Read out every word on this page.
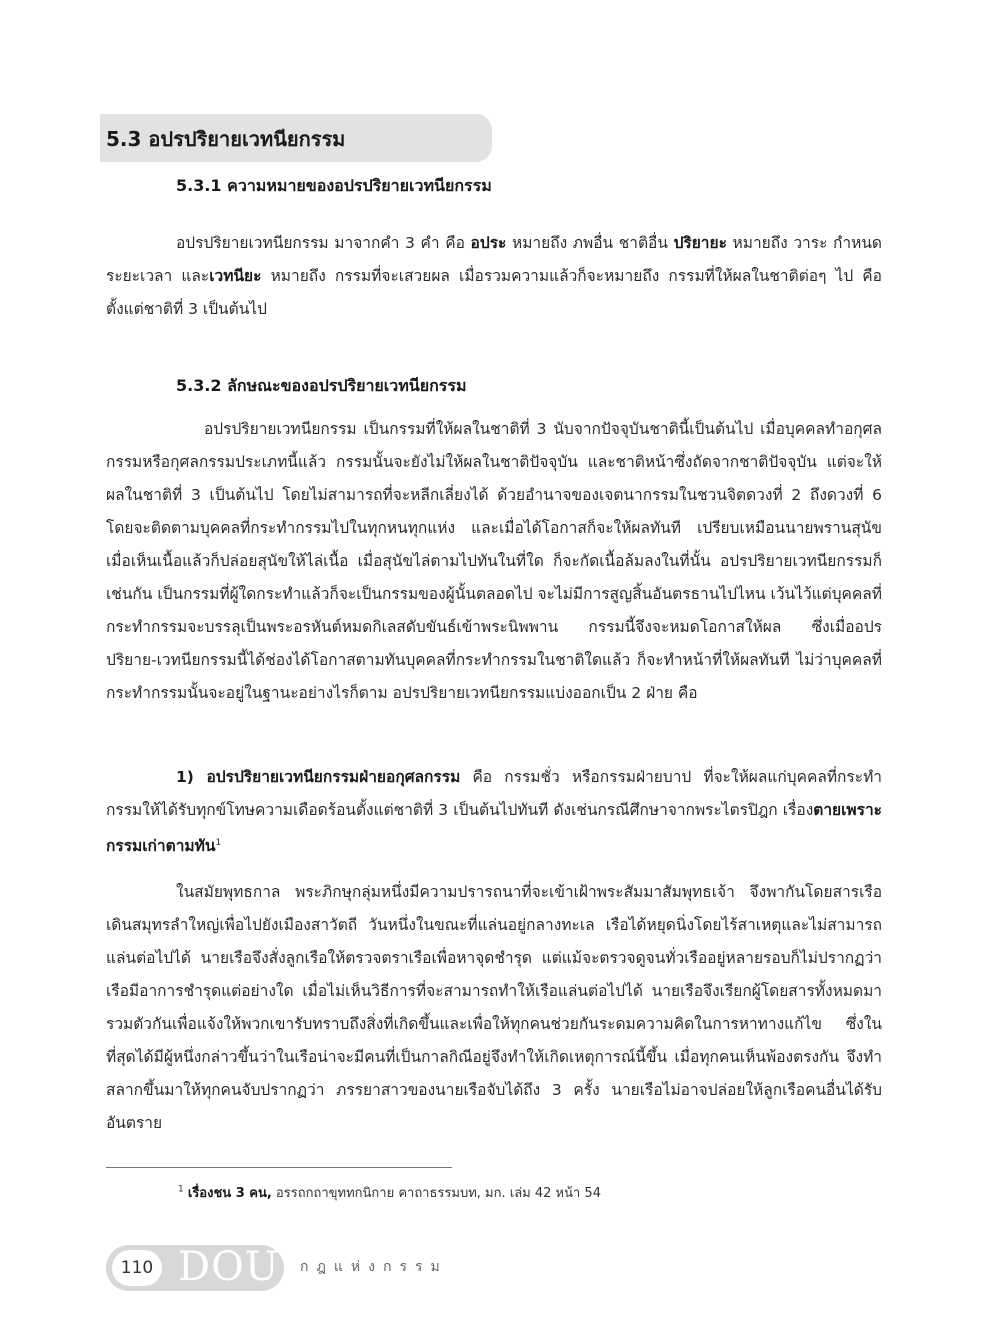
5.3 อปรปริยายเวทนียกรรม

5.3.1 ความหมายของอปรปริยายเวทนียกรรม

อปรปริยายเวทนียกรรม มาจากคำ 3 คำ คือ อประ หมายถึง ภพอื่น ชาติอื่น ปริยายะ หมายถึง วาระ กำหนดระยะเวลา และเวทนียะ หมายถึง กรรมที่จะเสวยผล เมื่อรวมความแล้วก็จะหมายถึง กรรมที่ให้ผลในชาติต่อๆ ไป คือตั้งแต่ชาติที่ 3 เป็นต้นไป

5.3.2 ลักษณะของอปรปริยายเวทนียกรรม

อปรปริยายเวทนียกรรม เป็นกรรมที่ให้ผลในชาติที่ 3 นับจากปัจจุบันชาตินี้เป็นต้นไป เมื่อบุคคลทำอกุศลกรรมหรือกุศลกรรมประเภทนี้แล้ว กรรมนั้นจะยังไม่ให้ผลในชาติปัจจุบัน และชาติหน้าซึ่งถัดจากชาติปัจจุบัน แต่จะให้ผลในชาติที่ 3 เป็นต้นไป โดยไม่สามารถที่จะหลีกเลี่ยงได้ ด้วยอำนาจของเจตนากรรมในชวนจิตดวงที่ 2 ถึงดวงที่ 6 โดยจะติดตามบุคคลที่กระทำกรรมไปในทุกหนทุกแห่ง และเมื่อได้โอกาสก็จะให้ผลทันที เปรียบเหมือนนายพรานสุนัข เมื่อเห็นเนื้อแล้วก็ปล่อยสุนัขให้ไล่เนื้อ เมื่อสุนัขไล่ตามไปทันในที่ใด ก็จะกัดเนื้อล้มลงในที่นั้น อปรปริยายเวทนียกรรมก็เช่นกัน เป็นกรรมที่ผู้ใดกระทำแล้วก็จะเป็นกรรมของผู้นั้นตลอดไป จะไม่มีการสูญสิ้นอันตรธานไปไหน เว้นไว้แต่บุคคลที่กระทำกรรมจะบรรลุเป็นพระอรหันต์หมดกิเลสดับขันธ์เข้าพระนิพพาน กรรมนี้จึงจะหมดโอกาสให้ผล ซึ่งเมื่ออปรปริยาย-เวทนียกรรมนี้ได้ช่องได้โอกาสตามทันบุคคลที่กระทำกรรมในชาติใดแล้ว ก็จะทำหน้าที่ให้ผลทันที ไม่ว่าบุคคลที่กระทำกรรมนั้นจะอยู่ในฐานะอย่างไรก็ตาม อปรปริยายเวทนียกรรมแบ่งออกเป็น 2 ฝ่าย คือ

1) อปรปริยายเวทนียกรรมฝ่ายอกุศลกรรม คือ กรรมชั่ว หรือกรรมฝ่ายบาป ที่จะให้ผลแก่บุคคลที่กระทำกรรมให้ได้รับทุกข์โทษความเดือดร้อนตั้งแต่ชาติที่ 3 เป็นต้นไปทันที ดังเช่นกรณีศึกษาจากพระไตรปิฎก เรื่องตายเพราะกรรมเก่าตามทัน$^1$

ในสมัยพุทธกาล พระภิกษุกลุ่มหนึ่งมีความปรารถนาที่จะเข้าเฝ้าพระสัมมาสัมพุทธเจ้า จึงพากันโดยสารเรือเดินสมุทรลำใหญ่เพื่อไปยังเมืองสาวัตถี วันหนึ่งในขณะที่แล่นอยู่กลางทะเล เรือได้หยุดนิ่งโดยไร้สาเหตุและไม่สามารถแล่นต่อไปได้ นายเรือจึงสั่งลูกเรือให้ตรวจตราเรือเพื่อหาจุดชำรุด แต่แม้จะตรวจดูจนทั่วเรืออยู่หลายรอบก็ไม่ปรากฏว่าเรือมีอาการชำรุดแต่อย่างใด เมื่อไม่เห็นวิธีการที่จะสามารถทำให้เรือแล่นต่อไปได้ นายเรือจึงเรียกผู้โดยสารทั้งหมดมารวมตัวกันเพื่อแจ้งให้พวกเขารับทราบถึงสิ่งที่เกิดขึ้นและเพื่อให้ทุกคนช่วยกันระดมความคิดในการหาทางแก้ไข ซึ่งในที่สุดได้มีผู้หนึ่งกล่าวขึ้นว่าในเรือน่าจะมีคนที่เป็นกาลกิณีอยู่จึงทำให้เกิดเหตุการณ์นี้ขึ้น เมื่อทุกคนเห็นพ้องตรงกัน จึงทำสลากขึ้นมาให้ทุกคนจับปรากฏว่า ภรรยาสาวของนายเรือจับได้ถึง 3 ครั้ง นายเรือไม่อาจปล่อยให้ลูกเรือคนอื่นได้รับอันตราย

$^1$ เรื่องชน 3 คน, อรรถกถาขุททกนิกาย คาถาธรรมบท, มก. เล่ม 42 หน้า 54

110 DOU กฎแห่งกรรม
